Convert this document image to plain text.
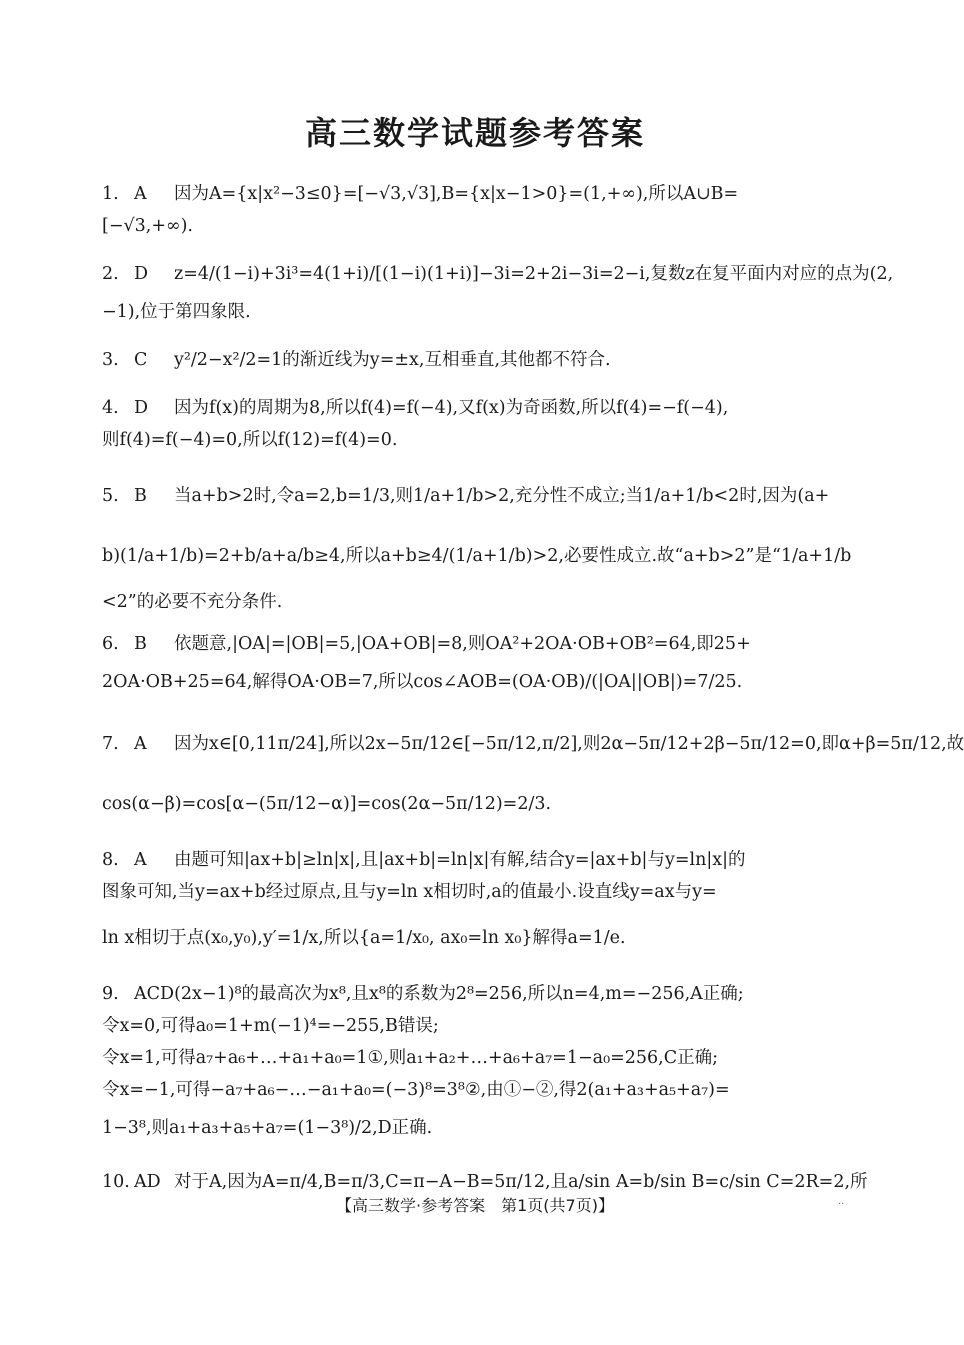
高三数学试题参考答案
1. A 因为A={x|x²−3≤0}=[−√3,√3],B={x|x−1>0}=(1,+∞),所以A∪B=
[−√3,+∞).
2. D z=4/(1−i)+3i³=4(1+i)/[(1−i)(1+i)]−3i=2+2i−3i=2−i,复数z在复平面内对应的点为(2,
−1),位于第四象限.
3. C y²/2−x²/2=1的渐近线为y=±x,互相垂直,其他都不符合.
4. D 因为f(x)的周期为8,所以f(4)=f(−4),又f(x)为奇函数,所以f(4)=−f(−4),
则f(4)=f(−4)=0,所以f(12)=f(4)=0.
5. B 当a+b>2时,令a=2,b=1/3,则1/a+1/b>2,充分性不成立;当1/a+1/b<2时,因为(a+
b)(1/a+1/b)=2+b/a+a/b≥4,所以a+b≥4/(1/a+1/b)>2,必要性成立.故“a+b>2”是“1/a+1/b
<2”的必要不充分条件.
6. B 依题意,|OA|=|OB|=5,|OA+OB|=8,则OA²+2OA·OB+OB²=64,即25+
2OA·OB+25=64,解得OA·OB=7,所以cos∠AOB=(OA·OB)/(|OA||OB|)=7/25.
7. A 因为x∈[0,11π/24],所以2x−5π/12∈[−5π/12,π/2],则2α−5π/12+2β−5π/12=0,即α+β=5π/12,故
cos(α−β)=cos[α−(5π/12−α)]=cos(2α−5π/12)=2/3.
8. A 由题可知|ax+b|≥ln|x|,且|ax+b|=ln|x|有解,结合y=|ax+b|与y=ln|x|的
图象可知,当y=ax+b经过原点,且与y=ln x相切时,a的值最小.设直线y=ax与y=
ln x相切于点(x₀,y₀),y′=1/x,所以{a=1/x₀, ax₀=ln x₀}解得a=1/e.
9. ACD(2x−1)⁸的最高次为x⁸,且x⁸的系数为2⁸=256,所以n=4,m=−256,A正确;
令x=0,可得a₀=1+m(−1)⁴=−255,B错误;
令x=1,可得a₇+a₆+…+a₁+a₀=1①,则a₁+a₂+…+a₆+a₇=1−a₀=256,C正确;
令x=−1,可得−a₇+a₆−…−a₁+a₀=(−3)⁸=3⁸②,由①−②,得2(a₁+a₃+a₅+a₇)=
1−3⁸,则a₁+a₃+a₅+a₇=(1−3⁸)/2,D正确.
10. AD 对于A,因为A=π/4,B=π/3,C=π−A−B=5π/12,且a/sin A=b/sin B=c/sin C=2R=2,所
【高三数学·参考答案　第1页(共7页)】	··
